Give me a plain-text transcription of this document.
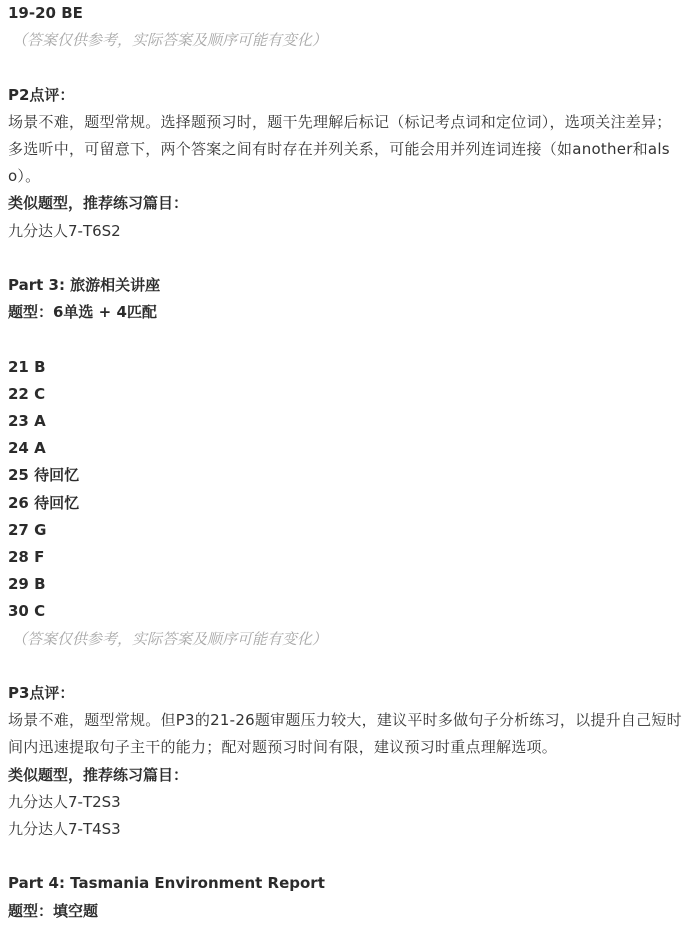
19-20 BE
（答案仅供参考，实际答案及顺序可能有变化）
P2点评：
场景不难，题型常规。选择题预习时，题干先理解后标记（标记考点词和定位词），选项关注差异；多选听中，可留意下，两个答案之间有时存在并列关系，可能会用并列连词连接（如another和also）。
类似题型，推荐练习篇目：
九分达人7-T6S2
Part 3: 旅游相关讲座
题型：6单选 + 4匹配
21 B
22 C
23 A
24 A
25 待回忆
26 待回忆
27 G
28 F
29 B
30 C
（答案仅供参考，实际答案及顺序可能有变化）
P3点评：
场景不难，题型常规。但P3的21-26题审题压力较大，建议平时多做句子分析练习，以提升自己短时间内迅速提取句子主干的能力；配对题预习时间有限，建议预习时重点理解选项。
类似题型，推荐练习篇目：
九分达人7-T2S3
九分达人7-T4S3
Part 4: Tasmania Environment Report
题型：填空题
